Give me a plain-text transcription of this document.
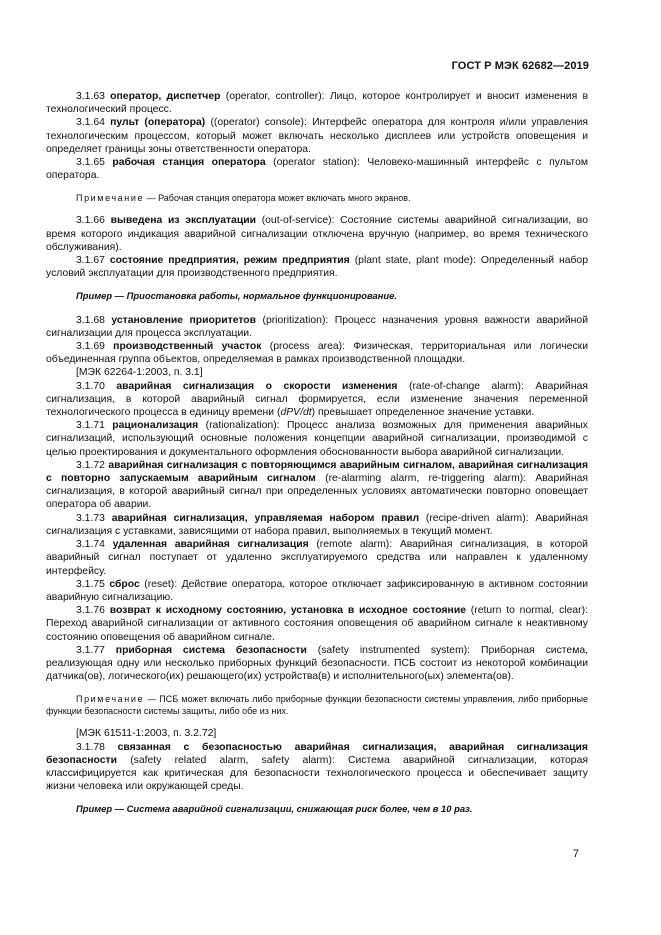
ГОСТ Р МЭК 62682—2019

3.1.63 оператор, диспетчер (operator, controller): Лицо, которое контролирует и вносит изменения в технологический процесс.

3.1.64 пульт (оператора) ((operator) console): Интерфейс оператора для контроля и/или управления технологическим процессом, который может включать несколько дисплеев или устройств оповещения и определяет границы зоны ответственности оператора.

3.1.65 рабочая станция оператора (operator station): Человеко-машинный интерфейс с пультом оператора.

Примечание — Рабочая станция оператора может включать много экранов.

3.1.66 выведена из эксплуатации (out-of-service): Состояние системы аварийной сигнализации, во время которого индикация аварийной сигнализации отключена вручную (например, во время технического обслуживания).

3.1.67 состояние предприятия, режим предприятия (plant state, plant mode): Определенный набор условий эксплуатации для производственного предприятия.

Пример — Приостановка работы, нормальное функционирование.

3.1.68 установление приоритетов (prioritization): Процесс назначения уровня важности аварийной сигнализации для процесса эксплуатации.

3.1.69 производственный участок (process area): Физическая, территориальная или логически объединенная группа объектов, определяемая в рамках производственной площадки.

[МЭК 62264-1:2003, п. 3.1]

3.1.70 аварийная сигнализация о скорости изменения (rate-of-change alarm): Аварийная сигнализация, в которой аварийный сигнал формируется, если изменение значения переменной технологического процесса в единицу времени (dPV/dt) превышает определенное значение уставки.

3.1.71 рационализация (rationalization): Процесс анализа возможных для применения аварийных сигнализаций, использующий основные положения концепции аварийной сигнализации, производимой с целью проектирования и документального оформления обоснованности выбора аварийной сигнализации.

3.1.72 аварийная сигнализация с повторяющимся аварийным сигналом, аварийная сигнализация с повторно запускаемым аварийным сигналом (re-alarming alarm, re-triggering alarm): Аварийная сигнализация, в которой аварийный сигнал при определенных условиях автоматически повторно оповещает оператора об аварии.

3.1.73 аварийная сигнализация, управляемая набором правил (recipe-driven alarm): Аварийная сигнализация с уставками, зависящими от набора правил, выполняемых в текущий момент.

3.1.74 удаленная аварийная сигнализация (remote alarm): Аварийная сигнализация, в которой аварийный сигнал поступает от удаленно эксплуатируемого средства или направлен к удаленному интерфейсу.

3.1.75 сброс (reset): Действие оператора, которое отключает зафиксированную в активном состоянии аварийную сигнализацию.

3.1.76 возврат к исходному состоянию, установка в исходное состояние (return to normal, clear): Переход аварийной сигнализации от активного состояния оповещения об аварийном сигнале к неактивному состоянию оповещения об аварийном сигнале.

3.1.77 приборная система безопасности (safety instrumented system): Приборная система, реализующая одну или несколько приборных функций безопасности. ПСБ состоит из некоторой комбинации датчика(ов), логического(их) решающего(их) устройства(в) и исполнительного(ых) элемента(ов).

Примечание — ПСБ может включать либо приборные функции безопасности системы управления, либо приборные функции безопасности системы защиты, либо обе из них.

[МЭК 61511-1:2003, п. 3.2.72]

3.1.78 связанная с безопасностью аварийная сигнализация, аварийная сигнализация безопасности (safety related alarm, safety alarm): Система аварийной сигнализации, которая классифицируется как критическая для безопасности технологического процесса и обеспечивает защиту жизни человека или окружающей среды.

Пример — Система аварийной сигнализации, снижающая риск более, чем в 10 раз.

7
